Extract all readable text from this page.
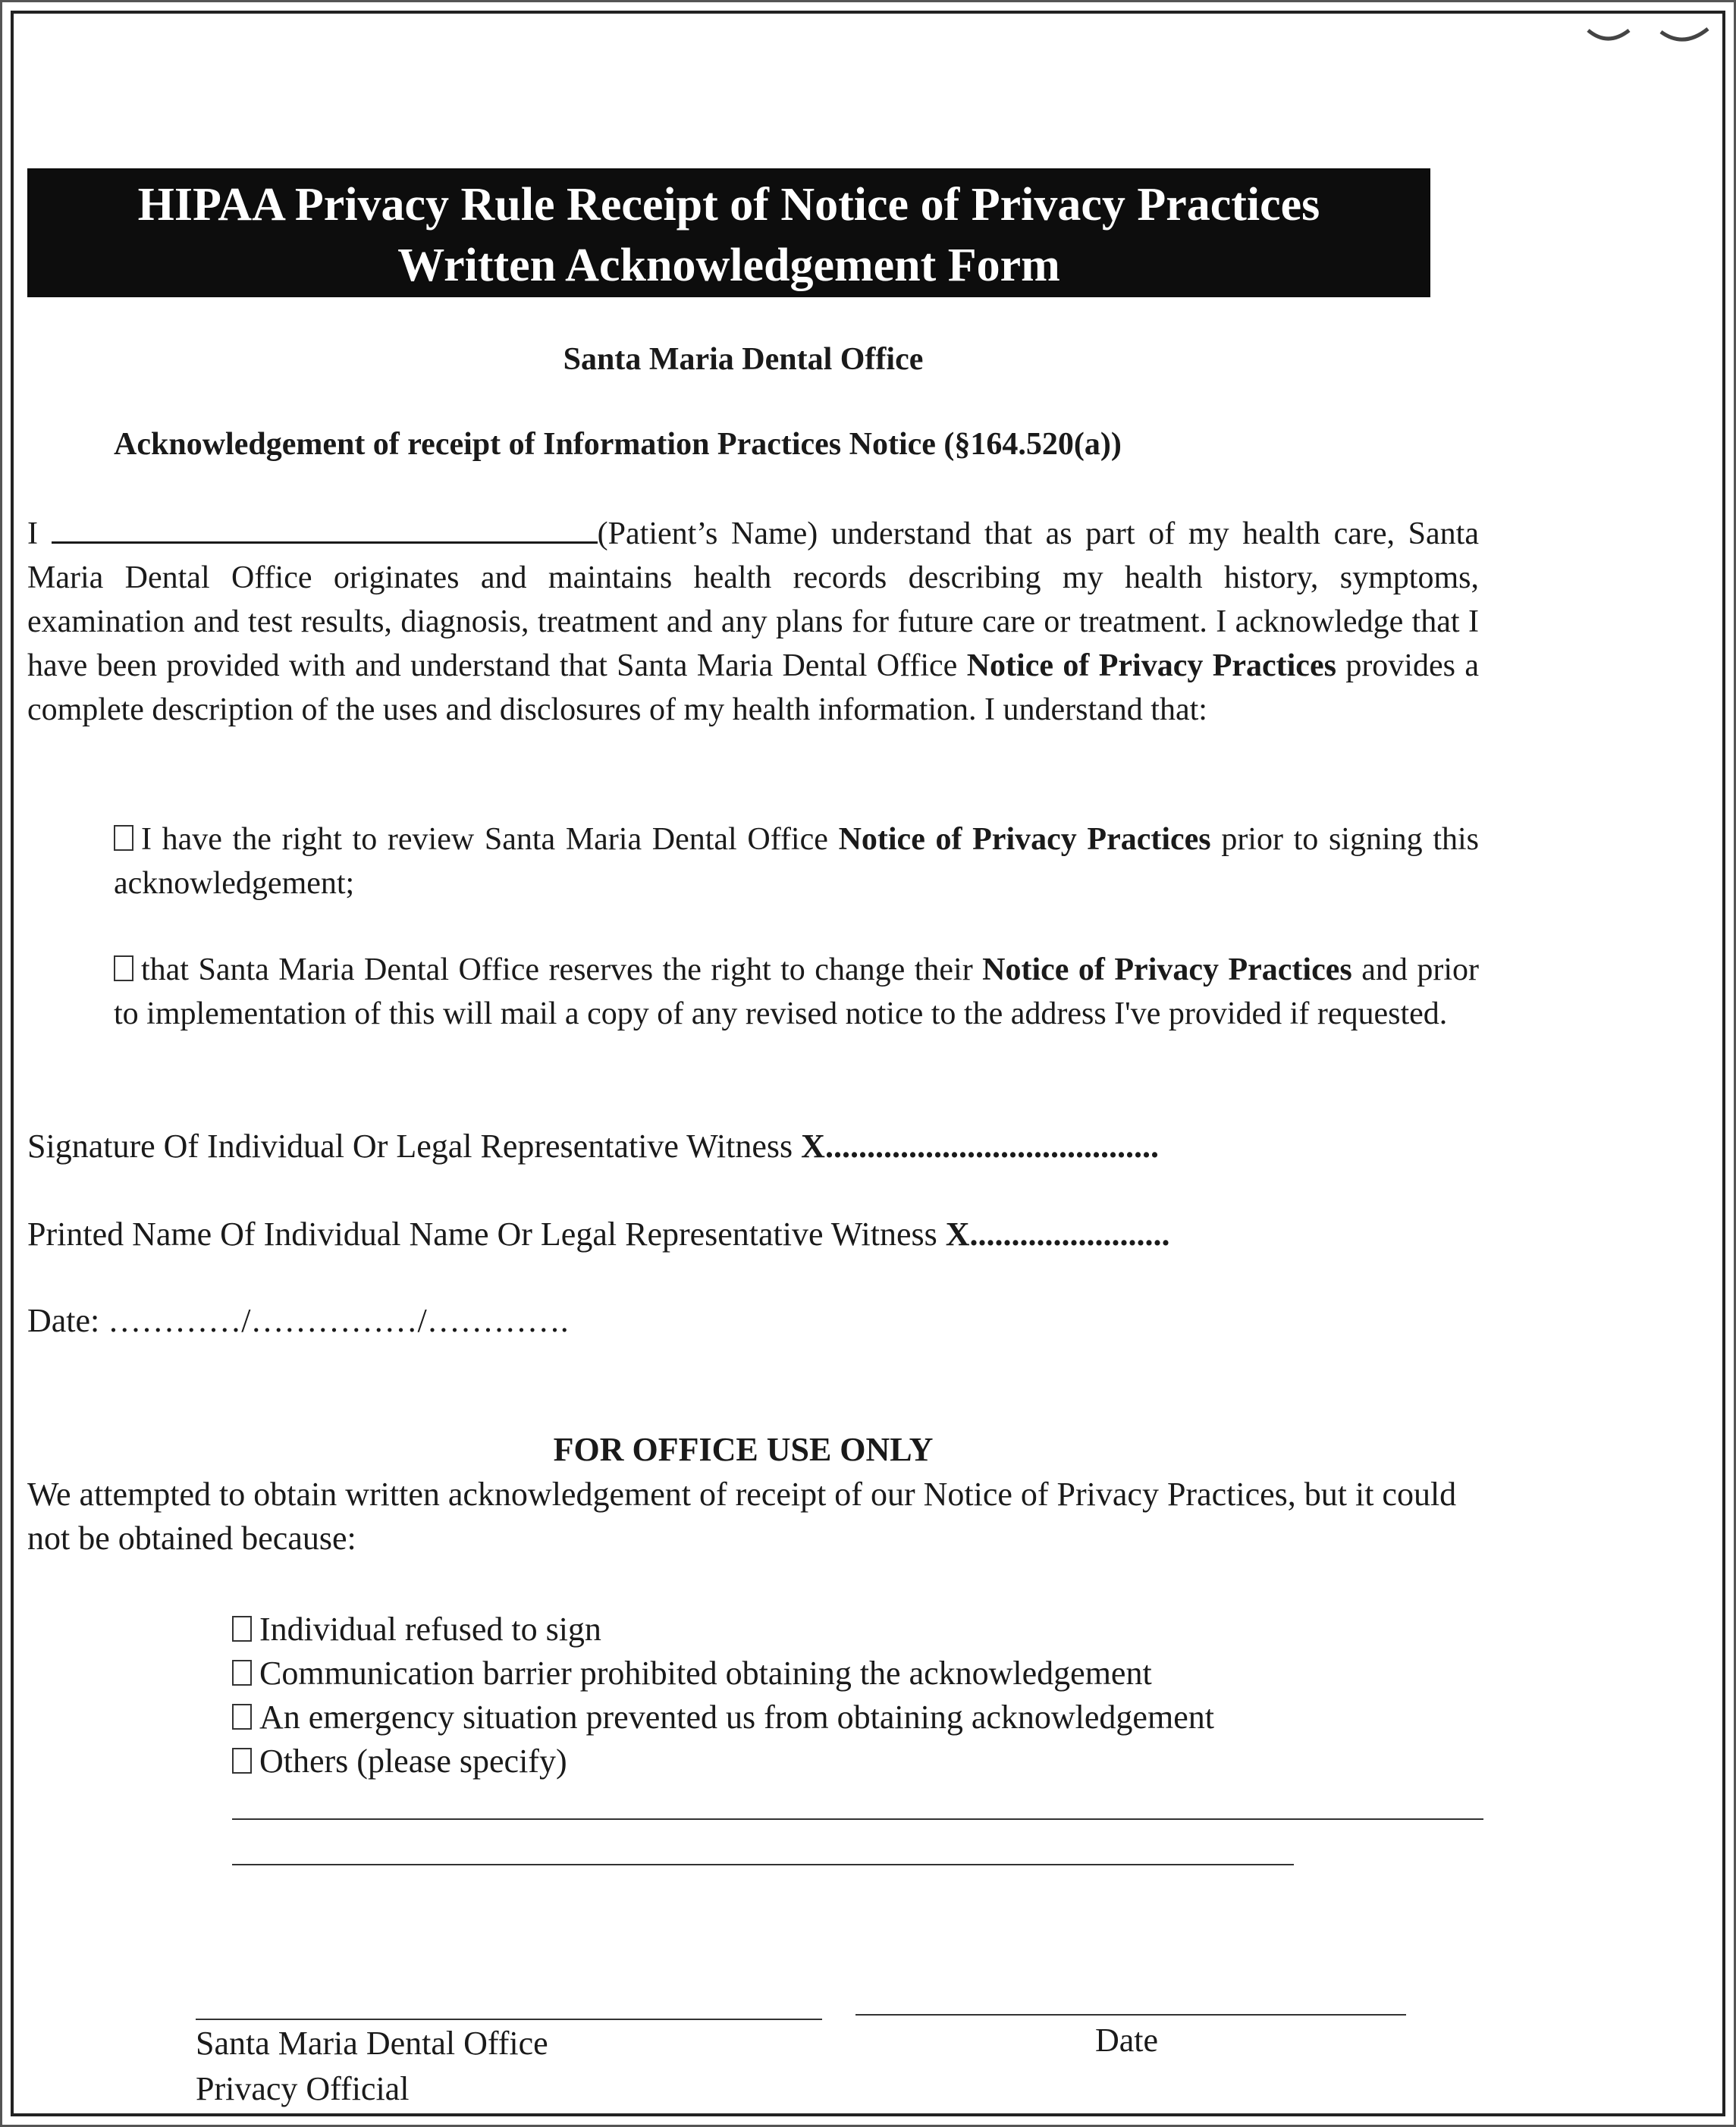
HIPAA Privacy Rule Receipt of Notice of Privacy Practices
Written Acknowledgement Form
Santa Maria Dental Office
Acknowledgement of receipt of Information Practices Notice (§164.520(a))
I	(Patient’s Name) understand that as part of my health care, Santa Maria Dental Office originates and maintains health records describing my health history, symptoms, examination and test results, diagnosis, treatment and any plans for future care or treatment. I acknowledge that I have been provided with and understand that Santa Maria Dental Office Notice of Privacy Practices provides a complete description of the uses and disclosures of my health information. I understand that:
I have the right to review Santa Maria Dental Office Notice of Privacy Practices prior to signing this acknowledgement;
that Santa Maria Dental Office reserves the right to change their Notice of Privacy Practices and prior to implementation of this will mail a copy of any revised notice to the address I've provided if requested.
Signature Of Individual Or Legal Representative Witness X........................................
Printed Name Of Individual Name Or Legal Representative Witness X........................
Date: …………/……………/………….
FOR OFFICE USE ONLY
We attempted to obtain written acknowledgement of receipt of our Notice of Privacy Practices, but it could not be obtained because:
Individual refused to sign
Communication barrier prohibited obtaining the acknowledgement
An emergency situation prevented us from obtaining acknowledgement
Others (please specify)
Santa Maria Dental Office
Privacy Official
Date
